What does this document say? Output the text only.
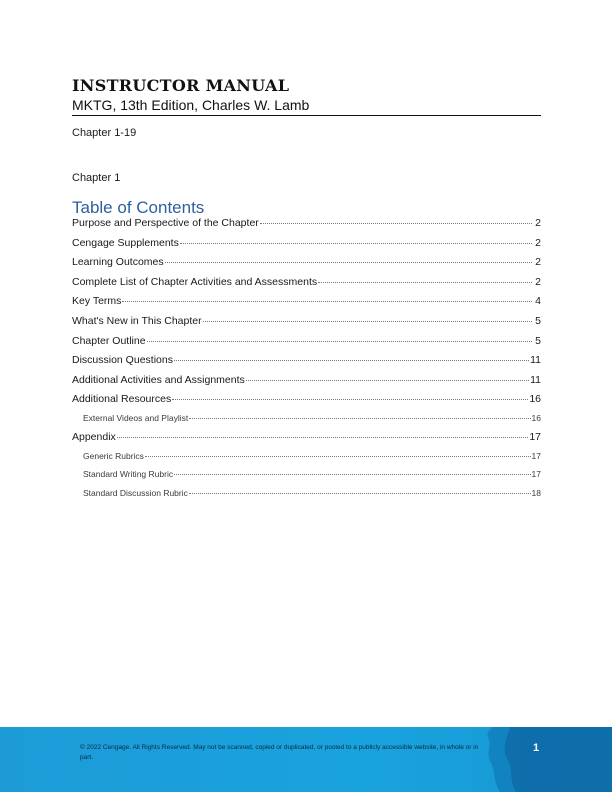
INSTRUCTOR MANUAL
MKTG, 13th Edition, Charles W. Lamb
Chapter 1-19
Chapter 1
Table of Contents
Purpose and Perspective of the Chapter	2
Cengage Supplements	2
Learning Outcomes	2
Complete List of Chapter Activities and Assessments	2
Key Terms	4
What's New in This Chapter	5
Chapter Outline	5
Discussion Questions	11
Additional Activities and Assignments	11
Additional Resources	16
External Videos and Playlist	16
Appendix	17
Generic Rubrics	17
Standard Writing Rubric	17
Standard Discussion Rubric	18
© 2022 Cengage. All Rights Reserved. May not be scanned, copied or duplicated, or posted to a publicly accessible website, in whole or in part.
1
